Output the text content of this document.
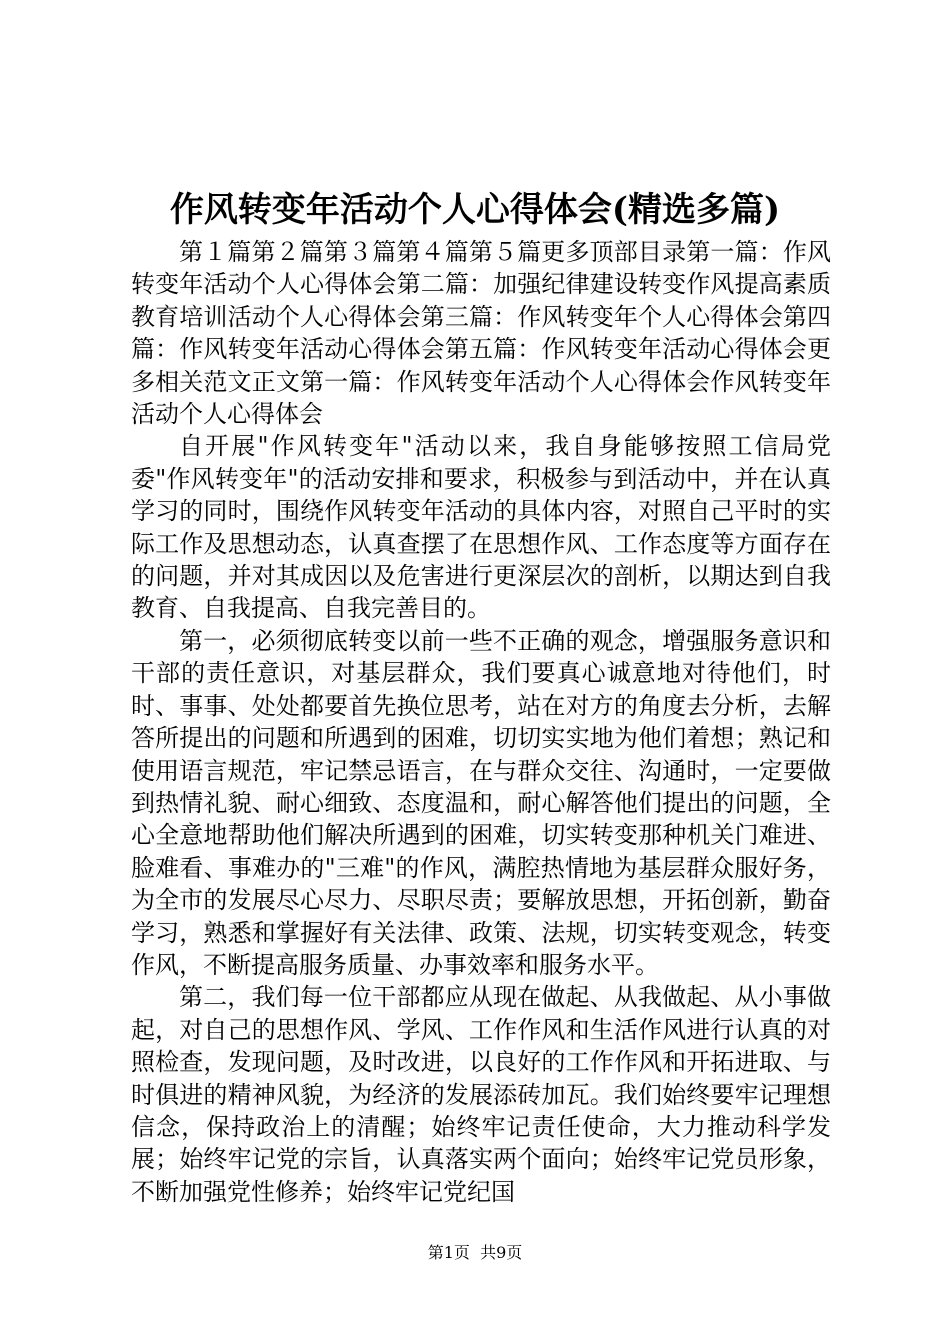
作风转变年活动个人心得体会(精选多篇)

第１篇第２篇第３篇第４篇第５篇更多顶部目录第一篇：作风转变年活动个人心得体会第二篇：加强纪律建设转变作风提高素质教育培训活动个人心得体会第三篇：作风转变年个人心得体会第四篇：作风转变年活动心得体会第五篇：作风转变年活动心得体会更多相关范文正文第一篇：作风转变年活动个人心得体会作风转变年活动个人心得体会

自开展"作风转变年"活动以来，我自身能够按照工信局党委"作风转变年"的活动安排和要求，积极参与到活动中，并在认真学习的同时，围绕作风转变年活动的具体内容，对照自己平时的实际工作及思想动态，认真查摆了在思想作风、工作态度等方面存在的问题，并对其成因以及危害进行更深层次的剖析，以期达到自我教育、自我提高、自我完善目的。

第一，必须彻底转变以前一些不正确的观念，增强服务意识和干部的责任意识，对基层群众，我们要真心诚意地对待他们，时时、事事、处处都要首先换位思考，站在对方的角度去分析，去解答所提出的问题和所遇到的困难，切切实实地为他们着想；熟记和使用语言规范，牢记禁忌语言，在与群众交往、沟通时，一定要做到热情礼貌、耐心细致、态度温和，耐心解答他们提出的问题，全心全意地帮助他们解决所遇到的困难，切实转变那种机关门难进、脸难看、事难办的"三难"的作风，满腔热情地为基层群众服好务，为全市的发展尽心尽力、尽职尽责；要解放思想，开拓创新，勤奋学习，熟悉和掌握好有关法律、政策、法规，切实转变观念，转变作风，不断提高服务质量、办事效率和服务水平。

第二，我们每一位干部都应从现在做起、从我做起、从小事做起，对自己的思想作风、学风、工作作风和生活作风进行认真的对照检查，发现问题，及时改进，以良好的工作作风和开拓进取、与时俱进的精神风貌，为经济的发展添砖加瓦。我们始终要牢记理想信念，保持政治上的清醒；始终牢记责任使命，大力推动科学发展；始终牢记党的宗旨，认真落实两个面向；始终牢记党员形象，不断加强党性修养；始终牢记党纪国

第1页  共9页
